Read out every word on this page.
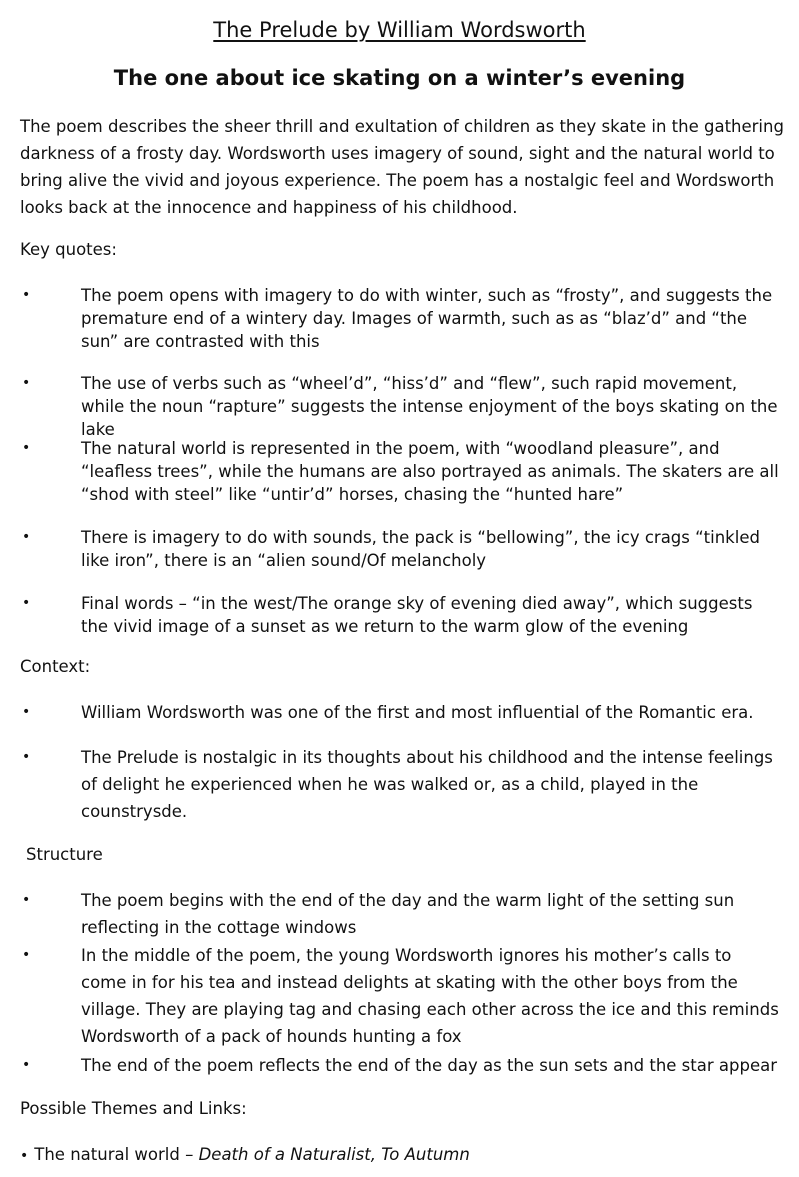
The Prelude by William Wordsworth
The one about ice skating on a winter’s evening

The poem describes the sheer thrill and exultation of children as they skate in the gathering darkness of a frosty day. Wordsworth uses imagery of sound, sight and the natural world to bring alive the vivid and joyous experience. The poem has a nostalgic feel and Wordsworth looks back at the innocence and happiness of his childhood.

Key quotes:

•	The poem opens with imagery to do with winter, such as “frosty”, and suggests the premature end of a wintery day. Images of warmth, such as as “blaz’d” and “the sun” are contrasted with this

•	The use of verbs such as “wheel’d”, “hiss’d” and “flew”, such rapid movement, while the noun “rapture” suggests the intense enjoyment of the boys skating on the lake

•	The natural world is represented in the poem, with “woodland pleasure”, and “leafless trees”, while the humans are also portrayed as animals. The skaters are all “shod with steel” like “untir’d” horses, chasing the “hunted hare”

•	There is imagery to do with sounds, the pack is “bellowing”, the icy crags “tinkled like iron”, there is an “alien sound/Of melancholy

•	Final words – “in the west/The orange sky of evening died away”, which suggests the vivid image of a sunset as we return to the warm glow of the evening

Context:

•	William Wordsworth was one of the first and most influential of the Romantic era.

•	The Prelude is nostalgic in its thoughts about his childhood and the intense feelings of delight he experienced when he was walked or, as a child, played in the counstrysde.

Structure

•	The poem begins with the end of the day and the warm light of the setting sun reflecting in the cottage windows

•	In the middle of the poem, the young Wordsworth ignores his mother’s calls to come in for his tea and instead delights at skating with the other boys from the village. They are playing tag and chasing each other across the ice and this reminds Wordsworth of a pack of hounds hunting a fox

•	The end of the poem reflects the end of the day as the sun sets and the star appear

Possible Themes and Links:

• The natural world – Death of a Naturalist, To Autumn
